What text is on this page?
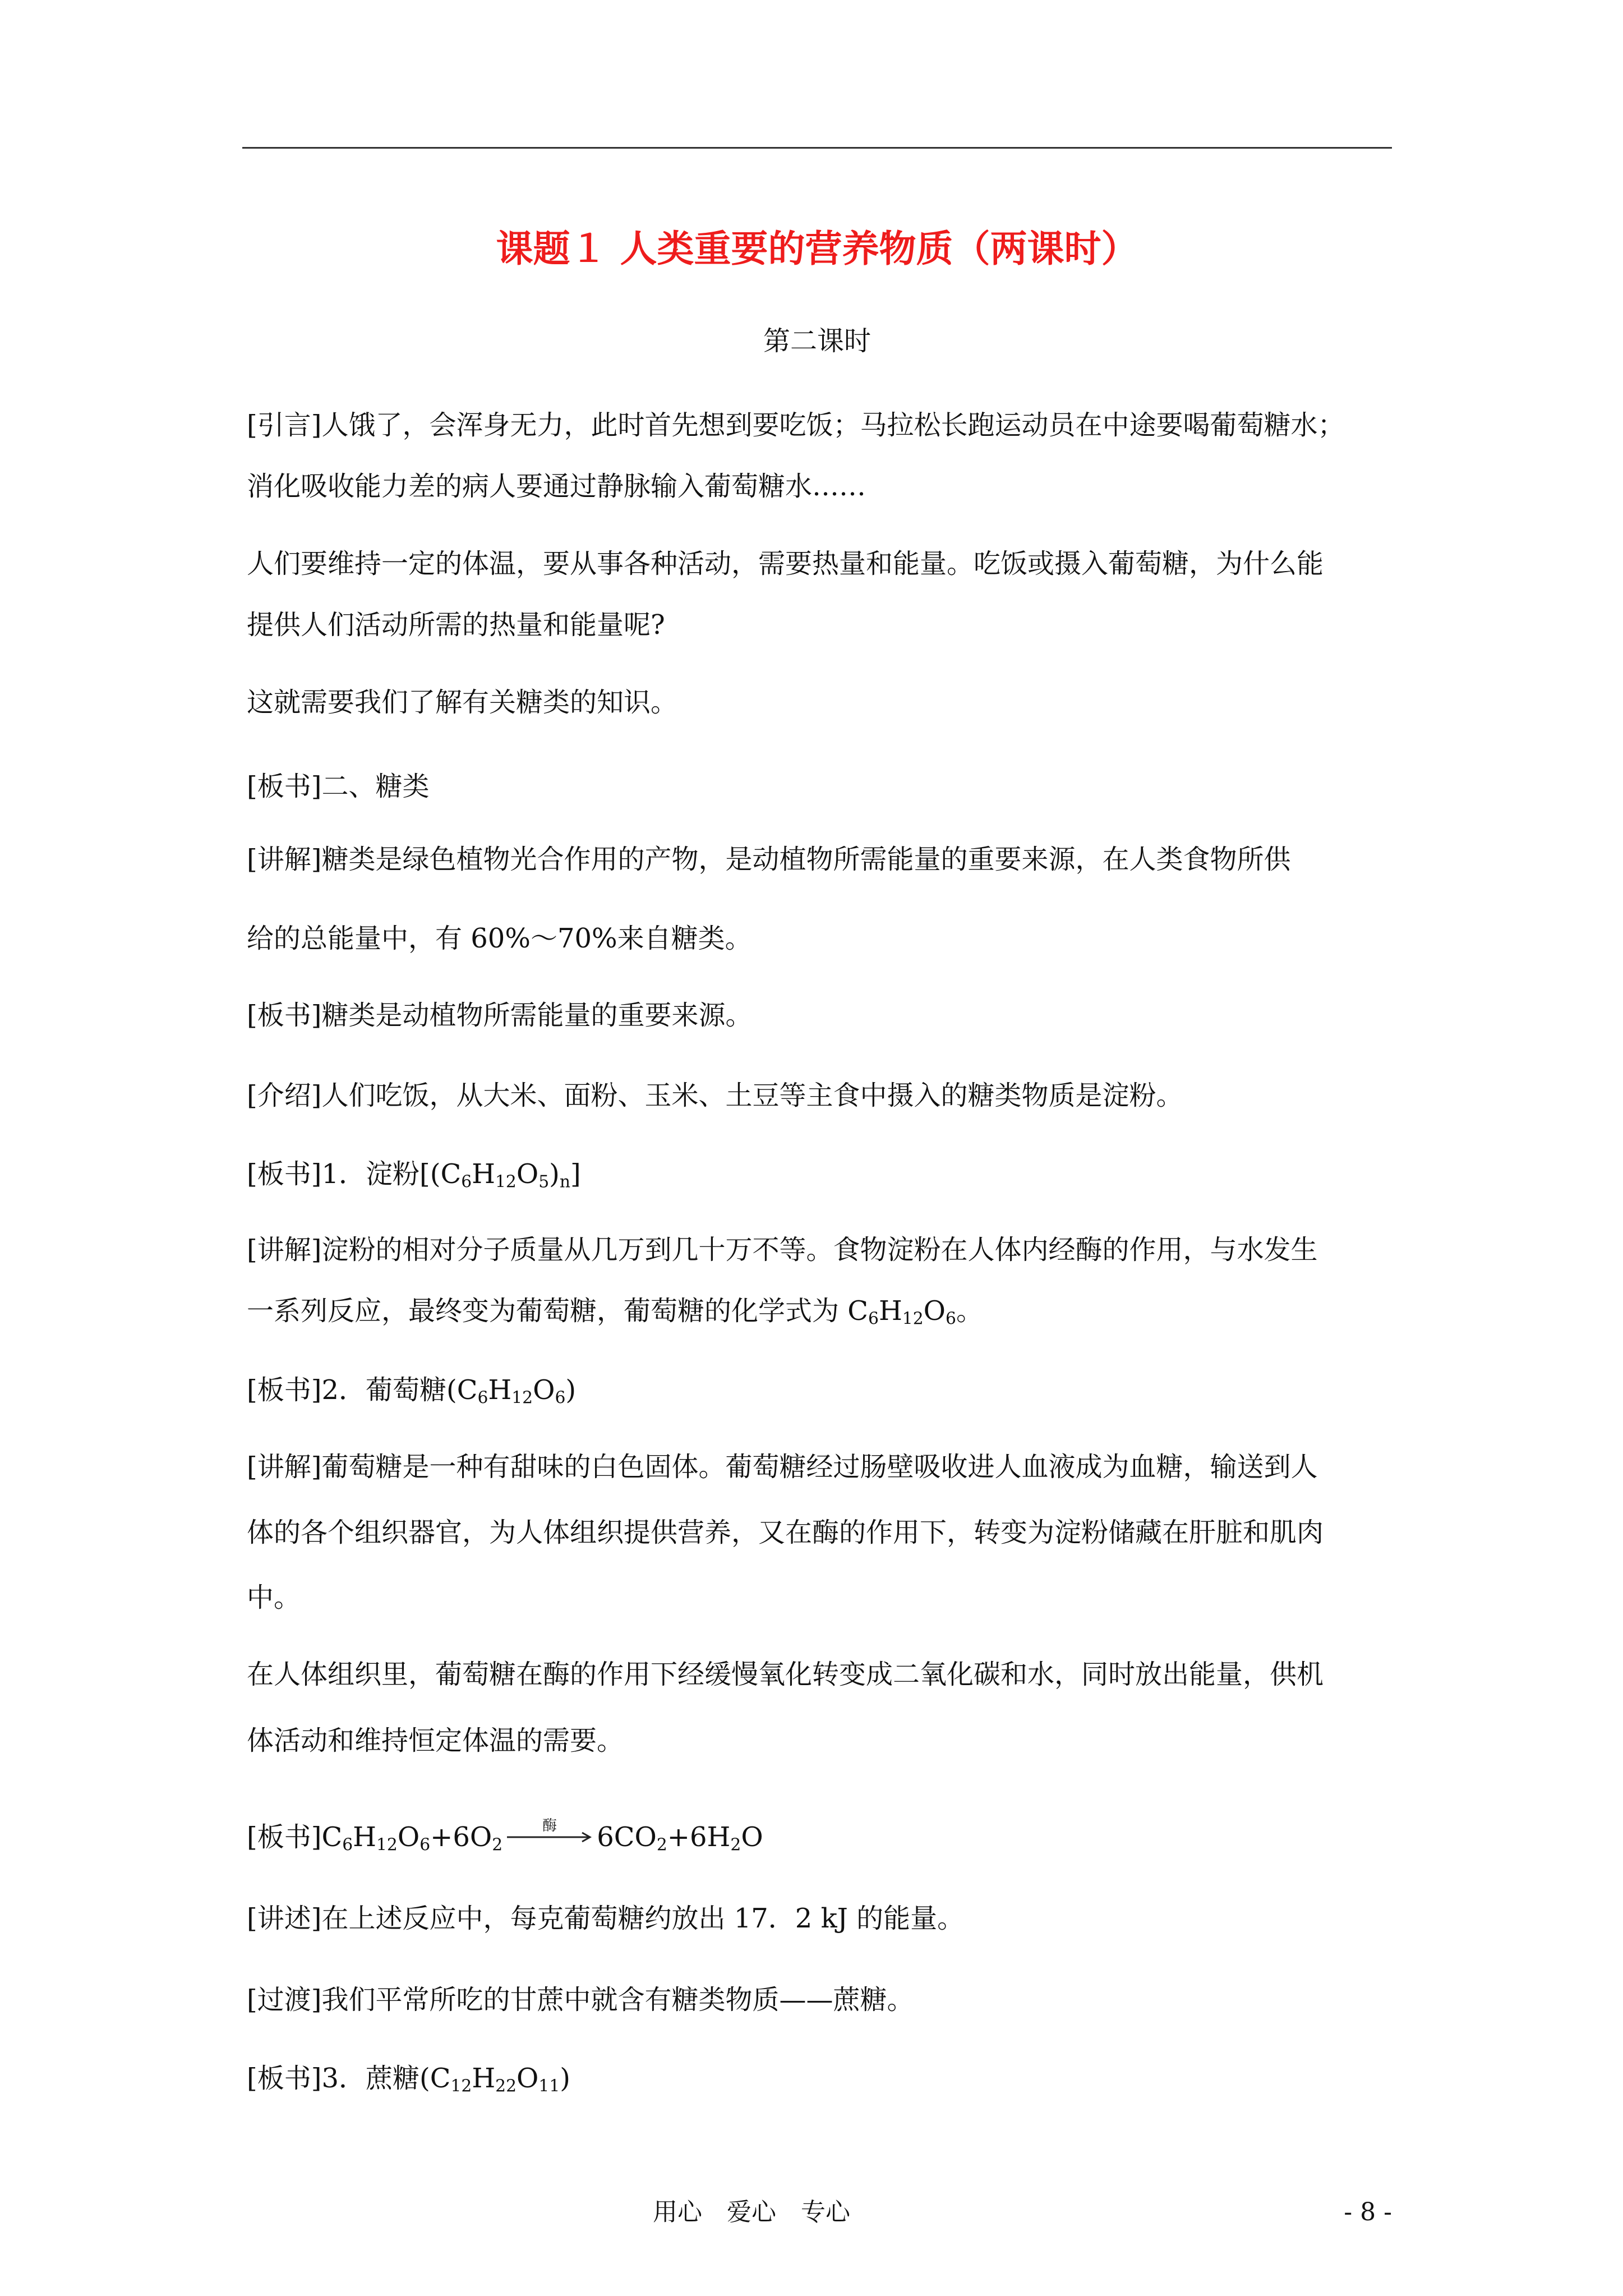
课题１ 人类重要的营养物质（两课时）
第二课时
[引言]人饿了，会浑身无力，此时首先想到要吃饭；马拉松长跑运动员在中途要喝葡萄糖水；
消化吸收能力差的病人要通过静脉输入葡萄糖水……
人们要维持一定的体温，要从事各种活动，需要热量和能量。吃饭或摄入葡萄糖，为什么能
提供人们活动所需的热量和能量呢?
这就需要我们了解有关糖类的知识。
[板书]二、糖类
[讲解]糖类是绿色植物光合作用的产物，是动植物所需能量的重要来源，在人类食物所供
给的总能量中，有 60%～70%来自糖类。
[板书]糖类是动植物所需能量的重要来源。
[介绍]人们吃饭，从大米、面粉、玉米、土豆等主食中摄入的糖类物质是淀粉。
[板书]1．淀粉$[(C_6H_{12}O_5)_n]$
[讲解]淀粉的相对分子质量从几万到几十万不等。食物淀粉在人体内经酶的作用，与水发生
一系列反应，最终变为葡萄糖，葡萄糖的化学式为 $C_6H_{12}O_6$。
[板书]2．葡萄糖$(C_6H_{12}O_6)$
[讲解]葡萄糖是一种有甜味的白色固体。葡萄糖经过肠壁吸收进人血液成为血糖，输送到人
体的各个组织器官，为人体组织提供营养，又在酶的作用下，转变为淀粉储藏在肝脏和肌肉
中。
在人体组织里，葡萄糖在酶的作用下经缓慢氧化转变成二氧化碳和水，同时放出能量，供机
体活动和维持恒定体温的需要。
[板书]$C_6H_{12}O_6+6O_2$
酶 $6CO_2+6H_2O$
[讲述]在上述反应中，每克葡萄糖约放出 17．2 kJ 的能量。
[过渡]我们平常所吃的甘蔗中就含有糖类物质——蔗糖。
[板书]3．蔗糖$(C_{12}H_{22}O_{11})$
用心　爱心　专心	- 8 -
